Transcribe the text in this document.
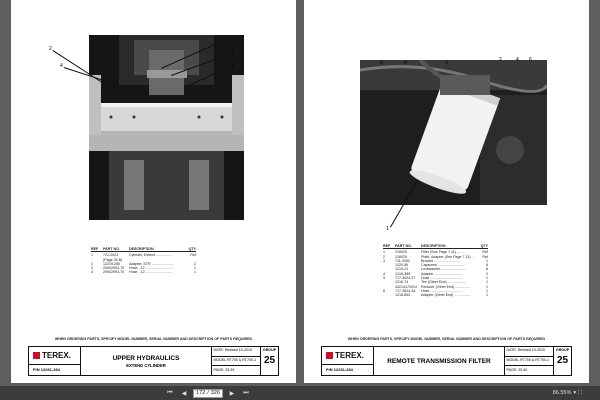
2
4
1
2
3
REF	PART NO.	DESCRIPTION	QTY
1	721-0023	Cylinder, Extend .................	Ref
(Page 39 B)
2	12219-280	Adapter, STR .......................	2
3	20002993-75	Hose, -12 ...........................	1
4	20002993-75	Hose, -12 ...........................	1
WHEN ORDERING PARTS, SPECIFY MODEL NUMBER, SERIAL NUMBER AND DESCRIPTION OF PARTS REQUIRED
TEREX.
P/N 12261-264
UPPER HYDRAULICS
EXTEND CYLINDER
DATE: Revised 10-2010
MODEL RT700 & RT700-1
PAGE: 25.39
GROUP
25
5	4	3	2	4 6
1
REF	PART NO.	DESCRIPTION	QTY
1	216029	Filter (See Page 7.11) ........	Ref
2	216029	Plate, Adapter (See Page 7.11) ..	Ref
3	711-3362	Bracket ..........................	1
1220-89	Capscrew ..........................	8
1210-21	Lockwasher .........................	8
4	1218-369	Adapter ............................	2
5	717-3624-37	Hose ................................	1
1216-74	Tee (Other End) ...................	1
44214170314	Reducer (Other End) ...............	1
6	717-3624-34	Hose ................................	1
1218-852	Adapter (Other End) ................	1
WHEN ORDERING PARTS, SPECIFY MODEL NUMBER, SERIAL NUMBER AND DESCRIPTION OF PARTS REQUIRED
TEREX.
P/N 12261-264
REMOTE TRANSMISSION FILTER
DATE: Revised 10-2010
MODEL RT700 & RT700-1
PAGE: 25.40
GROUP
25
⏮	◀	172 / 326	▶	⏭	86.55% ▾ ⛶
